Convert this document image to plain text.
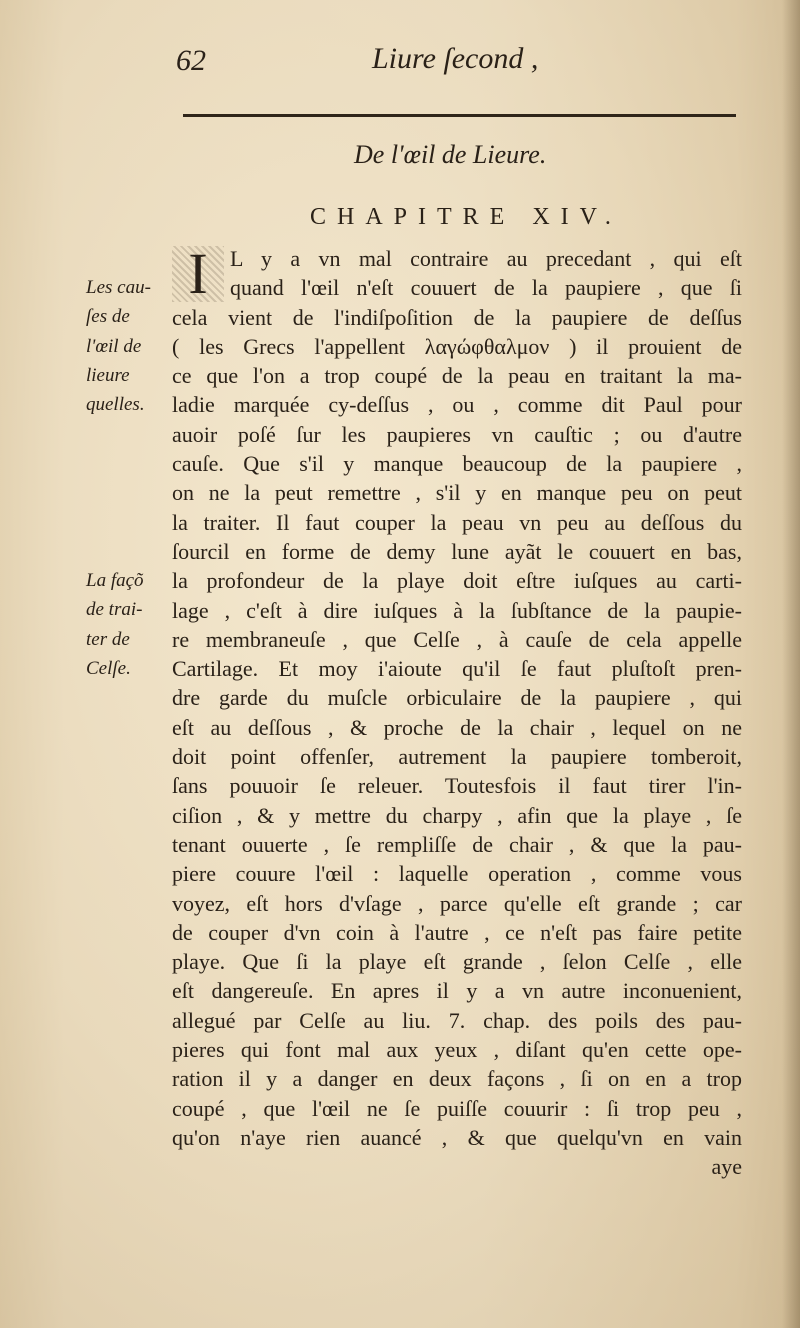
62	Liure ſecond ,
De l'œil de Lieure.
CHAPITRE XIV.
Les cau-
ſes de
l'œil de
lieure
quelles.
La façõ
de trai-
ter de
Celſe.
I	L y a vn mal contraire au precedant , qui eſt
quand l'œil n'eſt couuert de la paupiere , que ſi
cela vient de l'indiſpoſition de la paupiere de deſſus
( les Grecs l'appellent λαγώφθαλμον ) il prouient de
ce que l'on a trop coupé de la peau en traitant la ma-
ladie marquée cy-deſſus , ou , comme dit Paul pour
auoir poſé ſur les paupieres vn cauſtic ; ou d'autre
cauſe. Que s'il y manque beaucoup de la paupiere ,
on ne la peut remettre , s'il y en manque peu on peut
la traiter. Il faut couper la peau vn peu au deſſous du
ſourcil en forme de demy lune ayãt le couuert en bas,
la profondeur de la playe doit eſtre iuſques au carti-
lage , c'eſt à dire iuſques à la ſubſtance de la paupie-
re membraneuſe , que Celſe , à cauſe de cela appelle
Cartilage. Et moy i'aioute qu'il ſe faut pluſtoſt pren-
dre garde du muſcle orbiculaire de la paupiere , qui
eſt au deſſous , & proche de la chair , lequel on ne
doit point offenſer, autrement la paupiere tomberoit,
ſans pouuoir ſe releuer. Toutesfois il faut tirer l'in-
ciſion , & y mettre du charpy , afin que la playe , ſe
tenant ouuerte , ſe rempliſſe de chair , & que la pau-
piere couure l'œil : laquelle operation , comme vous
voyez, eſt hors d'vſage , parce qu'elle eſt grande ; car
de couper d'vn coin à l'autre , ce n'eſt pas faire petite
playe. Que ſi la playe eſt grande , ſelon Celſe , elle
eſt dangereuſe. En apres il y a vn autre inconuenient,
allegué par Celſe au liu. 7. chap. des poils des pau-
pieres qui font mal aux yeux , diſant qu'en cette ope-
ration il y a danger en deux façons , ſi on en a trop
coupé , que l'œil ne ſe puiſſe couurir : ſi trop peu ,
qu'on n'aye rien auancé , & que quelqu'vn en vain
aye
